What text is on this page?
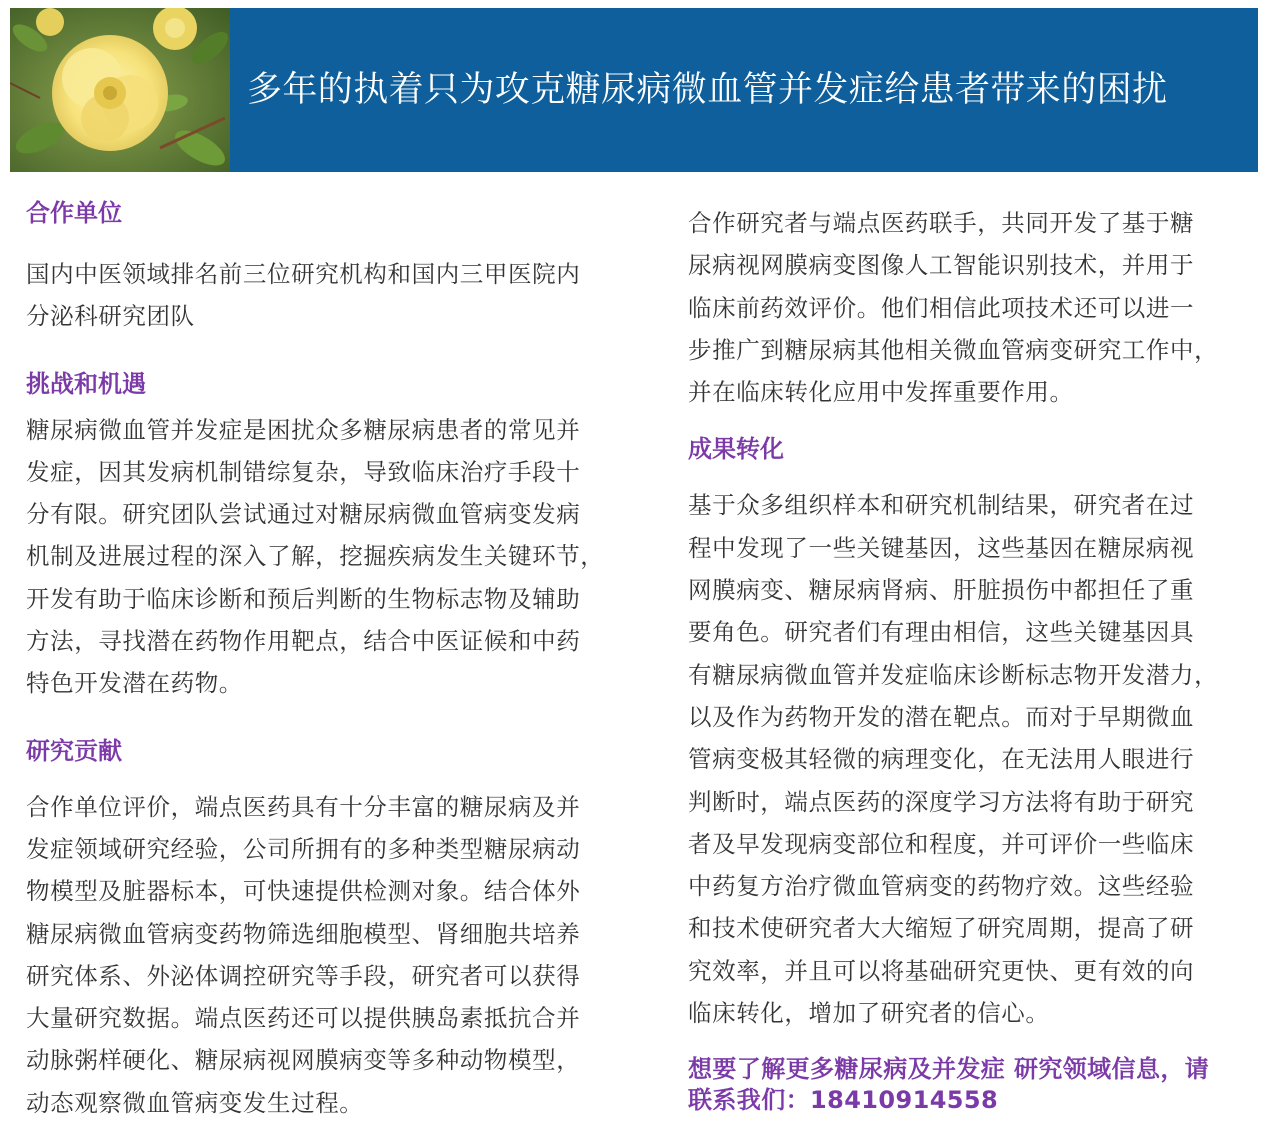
多年的执着只为攻克糖尿病微血管并发症给患者带来的困扰
合作单位

国内中医领域排名前三位研究机构和国内三甲医院内
分泌科研究团队

挑战和机遇

糖尿病微血管并发症是困扰众多糖尿病患者的常见并
发症，因其发病机制错综复杂，导致临床治疗手段十
分有限。研究团队尝试通过对糖尿病微血管病变发病
机制及进展过程的深入了解，挖掘疾病发生关键环节，
开发有助于临床诊断和预后判断的生物标志物及辅助
方法，寻找潜在药物作用靶点，结合中医证候和中药
特色开发潜在药物。

研究贡献

合作单位评价，端点医药具有十分丰富的糖尿病及并
发症领域研究经验，公司所拥有的多种类型糖尿病动
物模型及脏器标本，可快速提供检测对象。结合体外
糖尿病微血管病变药物筛选细胞模型、肾细胞共培养
研究体系、外泌体调控研究等手段，研究者可以获得
大量研究数据。端点医药还可以提供胰岛素抵抗合并
动脉粥样硬化、糖尿病视网膜病变等多种动物模型，
动态观察微血管病变发生过程。

合作研究者与端点医药联手，共同开发了基于糖
尿病视网膜病变图像人工智能识别技术，并用于
临床前药效评价。他们相信此项技术还可以进一
步推广到糖尿病其他相关微血管病变研究工作中，
并在临床转化应用中发挥重要作用。

成果转化

基于众多组织样本和研究机制结果，研究者在过
程中发现了一些关键基因，这些基因在糖尿病视
网膜病变、糖尿病肾病、肝脏损伤中都担任了重
要角色。研究者们有理由相信，这些关键基因具
有糖尿病微血管并发症临床诊断标志物开发潜力，
以及作为药物开发的潜在靶点。而对于早期微血
管病变极其轻微的病理变化，在无法用人眼进行
判断时，端点医药的深度学习方法将有助于研究
者及早发现病变部位和程度，并可评价一些临床
中药复方治疗微血管病变的药物疗效。这些经验
和技术使研究者大大缩短了研究周期，提高了研
究效率，并且可以将基础研究更快、更有效的向
临床转化，增加了研究者的信心。

想要了解更多糖尿病及并发症 研究领域信息，请
联系我们：18410914558
